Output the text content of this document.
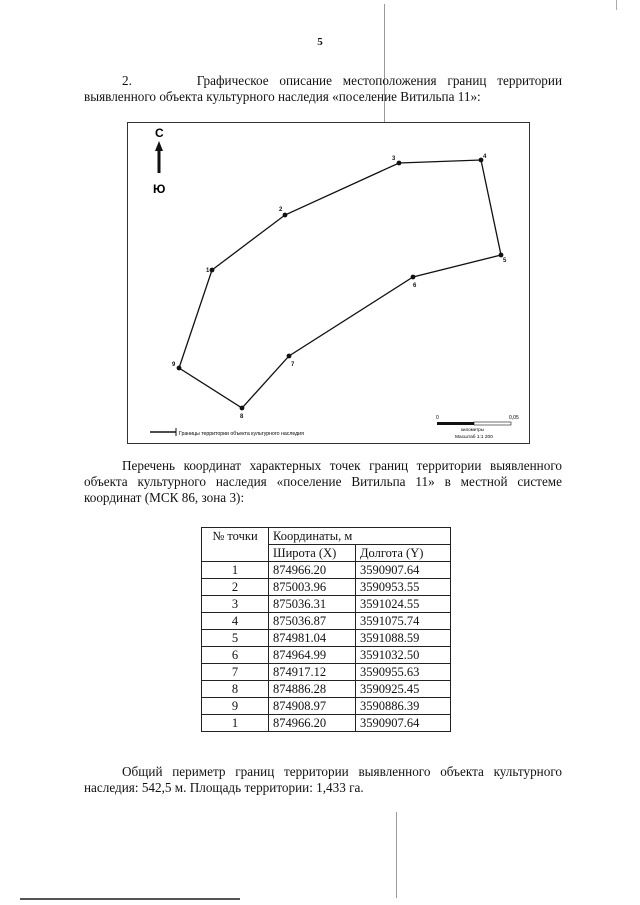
5
2.	Графическое описание местоположения границ территории выявленного объекта культурного наследия «поселение Витильпа 11»:
С
Ю
1
2
3	4
5
6
7
8
9
Границы территории объекта культурного наследия
0	0,05
километры
Масштаб 1:1 200
Перечень координат характерных точек границ территории выявленного объекта культурного наследия «поселение Витильпа 11» в местной системе координат (МСК 86, зона 3):
№ точки	Координаты, м	
	Широта (X)	Долгота (Y)
1	874966.20	3590907.64
2	875003.96	3590953.55
3	875036.31	3591024.55
4	875036.87	3591075.74
5	874981.04	3591088.59
6	874964.99	3591032.50
7	874917.12	3590955.63
8	874886.28	3590925.45
9	874908.97	3590886.39
1	874966.20	3590907.64
Общий периметр границ территории выявленного объекта культурного наследия: 542,5 м. Площадь территории: 1,433 га.
